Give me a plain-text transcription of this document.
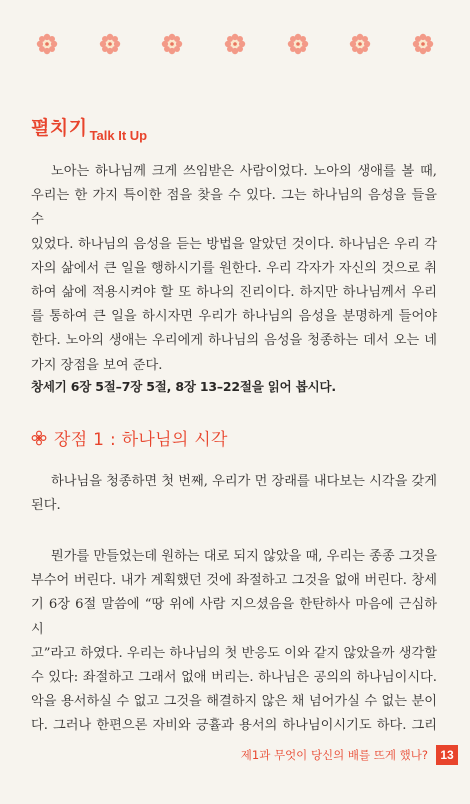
펼치기 Talk It Up

노아는 하나님께 크게 쓰임받은 사람이었다. 노아의 생애를 볼 때,
우리는 한 가지 특이한 점을 찾을 수 있다. 그는 하나님의 음성을 들을 수
있었다. 하나님의 음성을 듣는 방법을 알았던 것이다. 하나님은 우리 각
자의 삶에서 큰 일을 행하시기를 원한다. 우리 각자가 자신의 것으로 취
하여 삶에 적용시켜야 할 또 하나의 진리이다. 하지만 하나님께서 우리
를 통하여 큰 일을 하시자면 우리가 하나님의 음성을 분명하게 들어야
한다. 노아의 생애는 우리에게 하나님의 음성을 청종하는 데서 오는 네
가지 장점을 보여 준다.

창세기 6장 5절–7장 5절, 8장 13–22절을 읽어 봅시다.
장점 1 : 하나님의 시각

하나님을 청종하면 첫 번째, 우리가 먼 장래를 내다보는 시각을 갖게
된다.

뭔가를 만들었는데 원하는 대로 되지 않았을 때, 우리는 종종 그것을
부수어 버린다. 내가 계획했던 것에 좌절하고 그것을 없애 버린다. 창세
기 6장 6절 말씀에 “땅 위에 사람 지으셨음을 한탄하사 마음에 근심하시
고”라고 하였다. 우리는 하나님의 첫 반응도 이와 같지 않았을까 생각할
수 있다: 좌절하고 그래서 없애 버리는. 하나님은 공의의 하나님이시다.
악을 용서하실 수 없고 그것을 해결하지 않은 채 넘어가실 수 없는 분이
다. 그러나 한편으론 자비와 긍휼과 용서의 하나님이시기도 하다. 그리

제1과 무엇이 당신의 배를 뜨게 했나?	13
